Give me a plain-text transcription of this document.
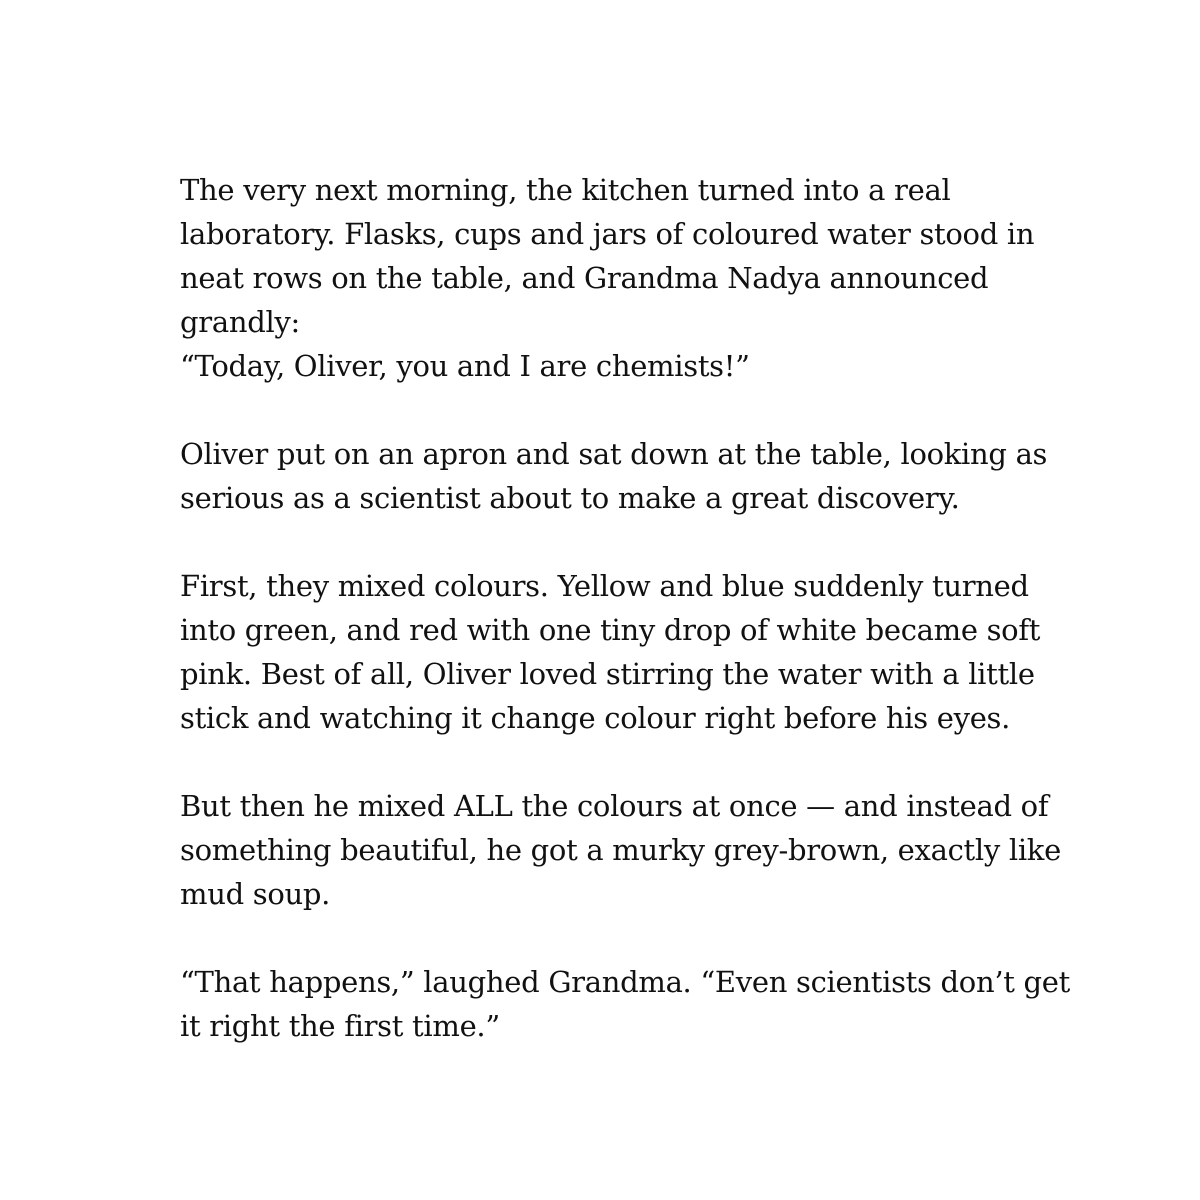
The very next morning, the kitchen turned into a real
laboratory. Flasks, cups and jars of coloured water stood in
neat rows on the table, and Grandma Nadya announced
grandly:
“Today, Oliver, you and I are chemists!”

Oliver put on an apron and sat down at the table, looking as
serious as a scientist about to make a great discovery.

First, they mixed colours. Yellow and blue suddenly turned
into green, and red with one tiny drop of white became soft
pink. Best of all, Oliver loved stirring the water with a little
stick and watching it change colour right before his eyes.

But then he mixed ALL the colours at once — and instead of
something beautiful, he got a murky grey-brown, exactly like
mud soup.

“That happens,” laughed Grandma. “Even scientists don’t get
it right the first time.”
